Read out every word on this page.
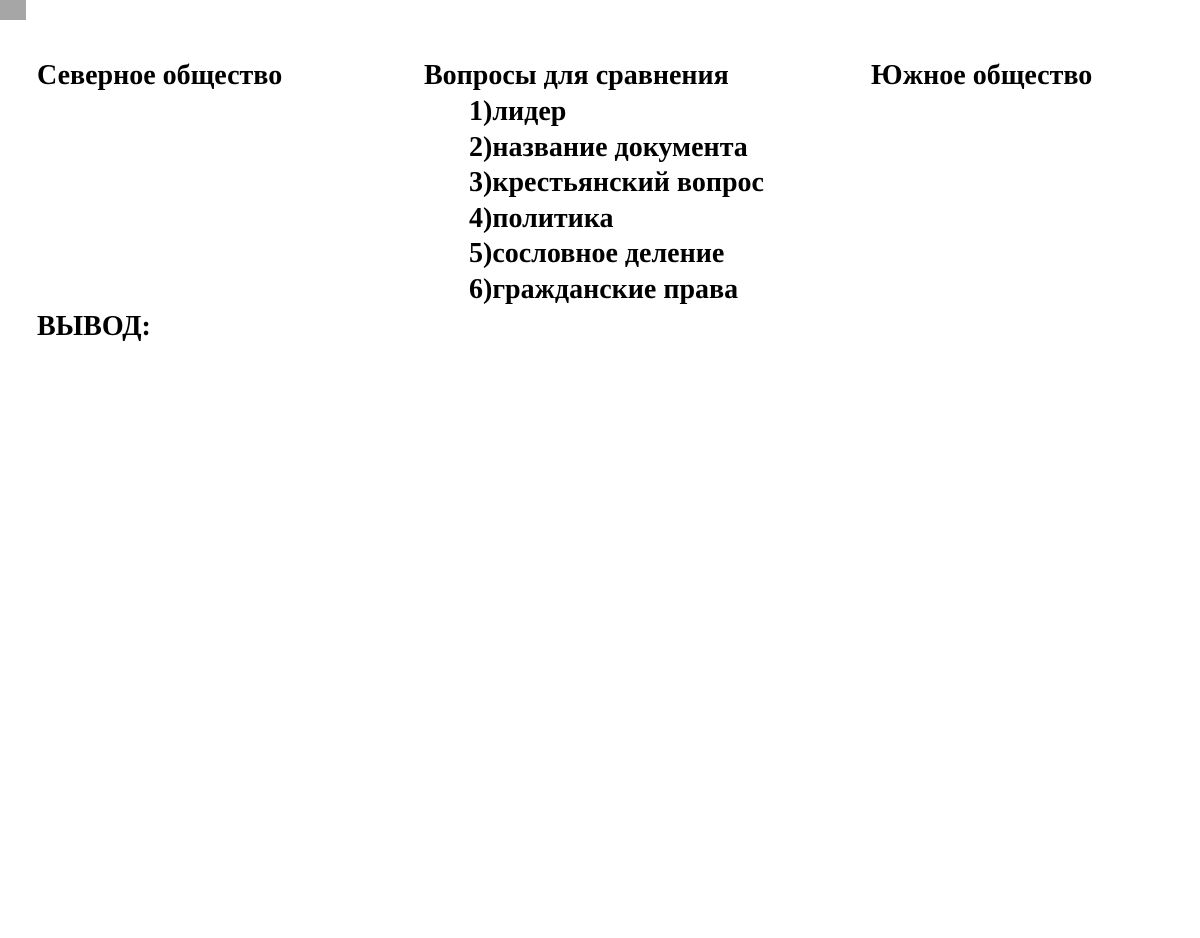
Северное общество	Вопросы для сравнения	Южное общество
1)лидер
2)название документа
3)крестьянский вопрос
4)политика
5)сословное деление
6)гражданские права
ВЫВОД:
